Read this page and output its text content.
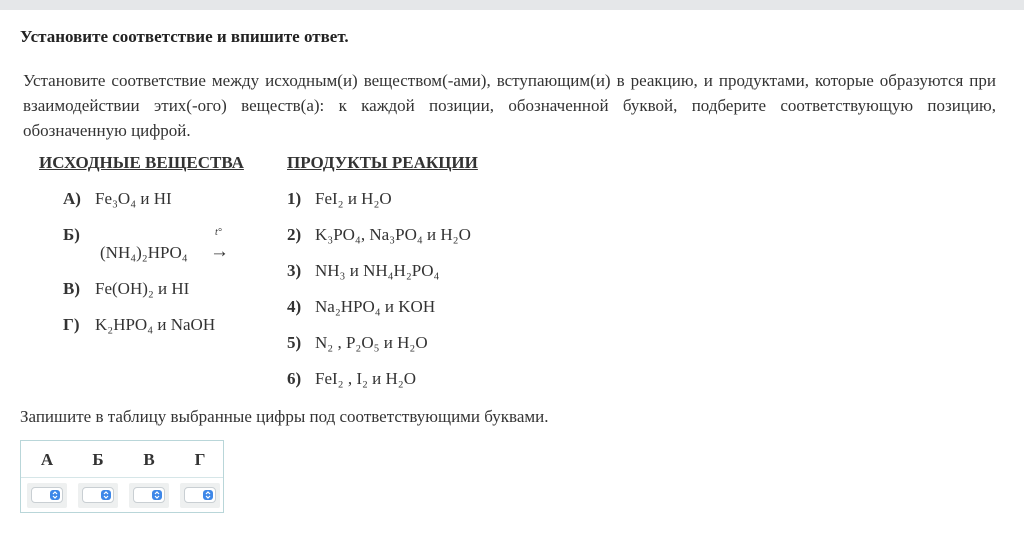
Установите соответствие и впишите ответ.
Установите соответствие между исходным(и) веществом(-ами), вступающим(и) в реакцию, и продуктами, которые образуются при взаимодействии этих(-ого) веществ(а): к каждой позиции, обозначенной буквой, подберите соответствующую позицию, обозначенную цифрой.
ИСХОДНЫЕ ВЕЩЕСТВА	ПРОДУКТЫ РЕАКЦИИ
А) Fe₃O₄ и HI
Б)
(NH₄)₂HPO₄
t°
→
В) Fe(OH)₂ и HI
Г) K₂HPO₄ и NaOH
1) FeI₂ и H₂O
2) K₃PO₄, Na₃PO₄ и H₂O
3) NH₃ и NH₄H₂PO₄
4) Na₂HPO₄ и KOH
5) N₂ , P₂O₅ и H₂O
6) FeI₂ , I₂ и H₂O
Запишите в таблицу выбранные цифры под соответствующими буквами.
А	Б	В	Г
